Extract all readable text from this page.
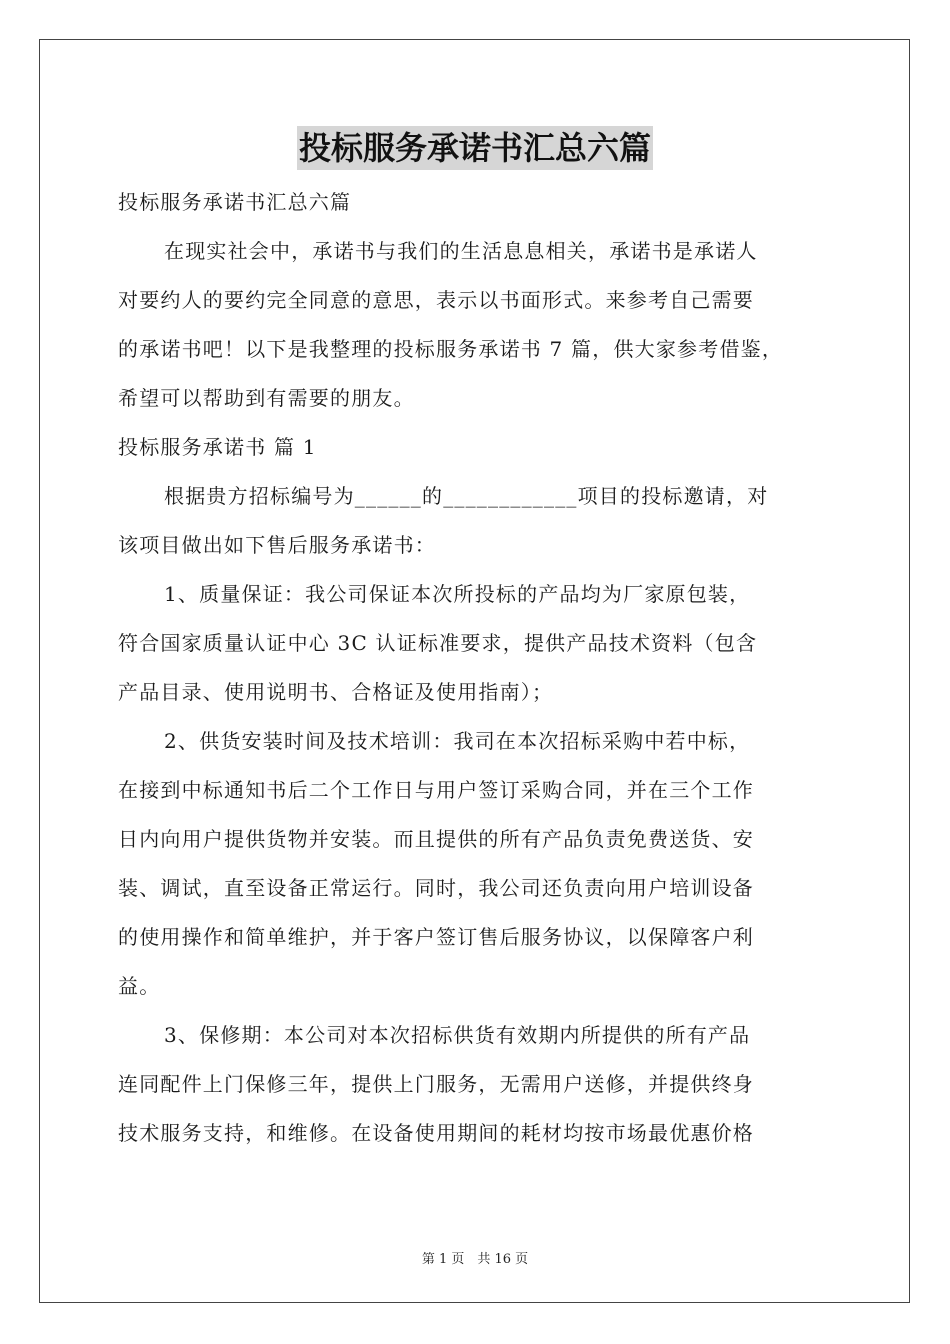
投标服务承诺书汇总六篇
投标服务承诺书汇总六篇
在现实社会中，承诺书与我们的生活息息相关，承诺书是承诺人
对要约人的要约完全同意的意思，表示以书面形式。来参考自己需要
的承诺书吧！以下是我整理的投标服务承诺书 7 篇，供大家参考借鉴，
希望可以帮助到有需要的朋友。
投标服务承诺书 篇 1
根据贵方招标编号为______的____________项目的投标邀请，对
该项目做出如下售后服务承诺书：
1、质量保证：我公司保证本次所投标的产品均为厂家原包装，
符合国家质量认证中心 3C 认证标准要求，提供产品技术资料（包含
产品目录、使用说明书、合格证及使用指南）；
2、供货安装时间及技术培训：我司在本次招标采购中若中标，
在接到中标通知书后二个工作日与用户签订采购合同，并在三个工作
日内向用户提供货物并安装。而且提供的所有产品负责免费送货、安
装、调试，直至设备正常运行。同时，我公司还负责向用户培训设备
的使用操作和简单维护，并于客户签订售后服务协议，以保障客户利
益。
3、保修期：本公司对本次招标供货有效期内所提供的所有产品
连同配件上门保修三年，提供上门服务，无需用户送修，并提供终身
技术服务支持，和维修。在设备使用期间的耗材均按市场最优惠价格
第 1 页　共 16 页
